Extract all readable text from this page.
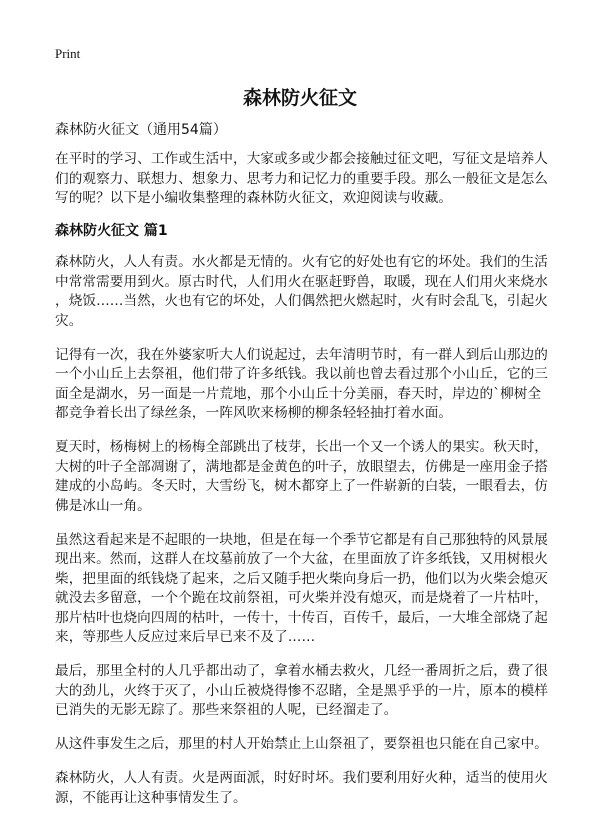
Print
森林防火征文
森林防火征文（通用54篇）
在平时的学习、工作或生活中，大家或多或少都会接触过征文吧，写征文是培养人
们的观察力、联想力、想象力、思考力和记忆力的重要手段。那么一般征文是怎么
写的呢？以下是小编收集整理的森林防火征文，欢迎阅读与收藏。
森林防火征文 篇1
森林防火，人人有责。水火都是无情的。火有它的好处也有它的坏处。我们的生活
中常常需要用到火。原古时代，人们用火在驱赶野兽，取暖，现在人们用火来烧水
，烧饭……当然，火也有它的坏处，人们偶然把火燃起时，火有时会乱飞，引起火
灾。
记得有一次，我在外婆家听大人们说起过，去年清明节时，有一群人到后山那边的
一个小山丘上去祭祖，他们带了许多纸钱。我以前也曾去看过那个小山丘，它的三
面全是湖水，另一面是一片荒地，那个小山丘十分美丽，春天时，岸边的`柳树全
都竞争着长出了绿丝条，一阵风吹来杨柳的柳条轻轻抽打着水面。
夏天时，杨梅树上的杨梅全部跳出了枝芽，长出一个又一个诱人的果实。秋天时，
大树的叶子全部凋谢了，满地都是金黄色的叶子，放眼望去，仿佛是一座用金子搭
建成的小岛屿。冬天时，大雪纷飞，树木都穿上了一件崭新的白装，一眼看去，仿
佛是冰山一角。
虽然这看起来是不起眼的一块地，但是在每一个季节它都是有自己那独特的风景展
现出来。然而，这群人在坟墓前放了一个大盆，在里面放了许多纸钱，又用树根火
柴，把里面的纸钱烧了起来，之后又随手把火柴向身后一扔，他们以为火柴会熄灭
就没去多留意，一个个跪在坟前祭祖，可火柴并没有熄灭，而是烧着了一片枯叶，
那片枯叶也烧向四周的枯叶，一传十，十传百，百传千，最后，一大堆全部烧了起
来，等那些人反应过来后早已来不及了……
最后，那里全村的人几乎都出动了，拿着水桶去救火，几经一番周折之后，费了很
大的劲儿，火终于灭了，小山丘被烧得惨不忍睹，全是黑乎乎的一片，原本的模样
已消失的无影无踪了。那些来祭祖的人呢，已经溜走了。
从这件事发生之后，那里的村人开始禁止上山祭祖了，要祭祖也只能在自己家中。
森林防火，人人有责。火是两面派，时好时坏。我们要利用好火种，适当的使用火
源，不能再让这种事情发生了。
